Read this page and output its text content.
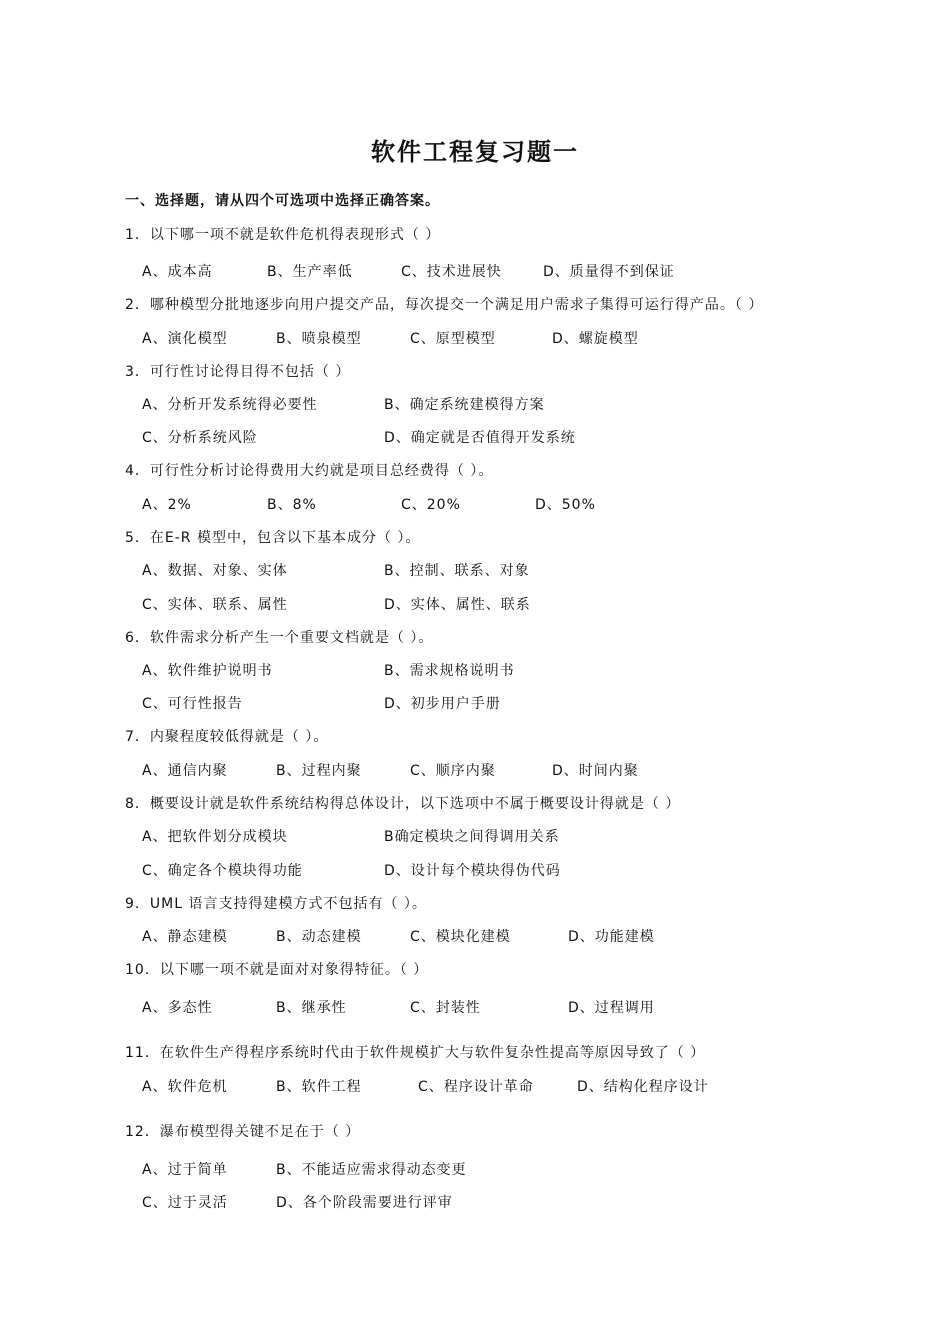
软件工程复习题一
一、选择题，请从四个可选项中选择正确答案。
1．以下哪一项不就是软件危机得表现形式（ ）
A、成本高	B、生产率低	C、技术进展快	D、质量得不到保证
2．哪种模型分批地逐步向用户提交产品，每次提交一个满足用户需求子集得可运行得产品。（ ）
A、演化模型	B、喷泉模型	C、原型模型	D、螺旋模型
3．可行性讨论得目得不包括（ ）
A、分析开发系统得必要性	B、确定系统建模得方案
C、分析系统风险	D、确定就是否值得开发系统
4．可行性分析讨论得费用大约就是项目总经费得（ ）。
A、2%	B、8%	C、20%	D、50%
5．在E-R 模型中，包含以下基本成分（ ）。
A、数据、对象、实体	B、控制、联系、对象
C、实体、联系、属性	D、实体、属性、联系
6．软件需求分析产生一个重要文档就是（ ）。
A、软件维护说明书	B、需求规格说明书
C、可行性报告	D、初步用户手册
7．内聚程度较低得就是（ ）。
A、通信内聚	B、过程内聚	C、顺序内聚	D、时间内聚
8．概要设计就是软件系统结构得总体设计，以下选项中不属于概要设计得就是（ ）
A、把软件划分成模块	B确定模块之间得调用关系
C、确定各个模块得功能	D、设计每个模块得伪代码
9．UML 语言支持得建模方式不包括有（ ）。
A、静态建模	B、动态建模	C、模块化建模	D、功能建模
10．以下哪一项不就是面对对象得特征。（ ）
A、多态性	B、继承性	C、封装性	D、过程调用
11．在软件生产得程序系统时代由于软件规模扩大与软件复杂性提高等原因导致了（ ）
A、软件危机	B、软件工程	C、程序设计革命	D、结构化程序设计
12．瀑布模型得关键不足在于（ ）
A、过于简单	B、不能适应需求得动态变更
C、过于灵活	D、各个阶段需要进行评审
